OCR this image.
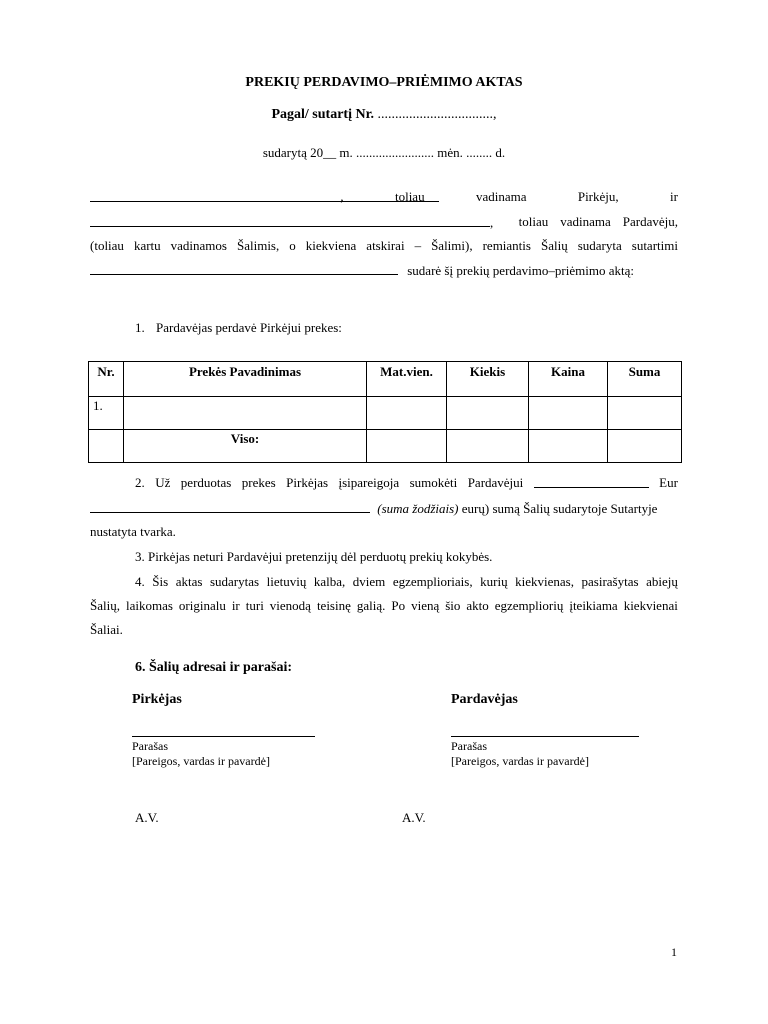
PREKIŲ PERDAVIMO–PRIĖMIMO AKTAS
Pagal/ sutartį Nr. .................................,
sudarytą 20__ m. ........................ mėn. ........ d.
,	toliau	vadinama	Pirkėju,	ir
, toliau vadinama Pardavėju,
(toliau kartu vadinamos Šalimis, o kiekviena atskirai – Šalimi), remiantis Šalių sudaryta sutartimi
sudarė šį prekių perdavimo–priėmimo aktą:
1. Pardavėjas perdavė Pirkėjui prekes:
Nr.	Prekės Pavadinimas	Mat.vien.	Kiekis	Kaina	Suma
1.					
	Viso:				
2. Už perduotas prekes Pirkėjas įsipareigoja sumokėti Pardavėjui	Eur
(suma žodžiais) eurų) sumą Šalių sudarytoje Sutartyje
nustatyta tvarka.
3. Pirkėjas neturi Pardavėjui pretenzijų dėl perduotų prekių kokybės.
4. Šis aktas sudarytas lietuvių kalba, dviem egzemplioriais, kurių kiekvienas, pasirašytas abiejų
Šalių, laikomas originalu ir turi vienodą teisinę galią. Po vieną šio akto egzempliorių įteikiama kiekvienai
Šaliai.
6. Šalių adresai ir parašai:
Pirkėjas
Parašas
[Pareigos, vardas ir pavardė]
A.V.
Pardavėjas
Parašas
[Pareigos, vardas ir pavardė]
A.V.
1
